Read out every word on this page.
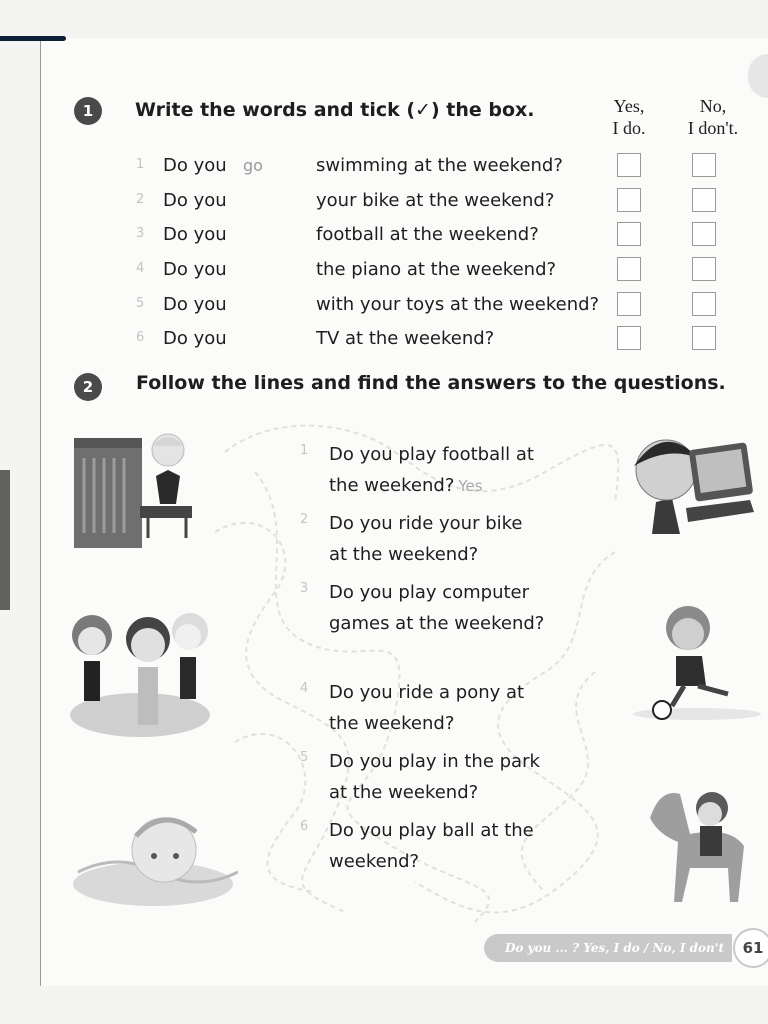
1	Write the words and tick (✓) the box.	Yes,
I do.
No,
I don't.
1 Do you go	swimming at the weekend?
2 Do you	your bike at the weekend?
3 Do you	football at the weekend?
4 Do you	the piano at the weekend?
5 Do you	with your toys at the weekend?
6 Do you	TV at the weekend?
2	Follow the lines and find the answers to the questions.
1 Do you play football at
the weekend? Yes
2 Do you ride your bike
at the weekend?
3 Do you play computer
games at the weekend?
4 Do you ride a pony at
the weekend?
5 Do you play in the park
at the weekend?
6 Do you play ball at the
weekend?
Do you ... ? Yes, I do / No, I don't	61
